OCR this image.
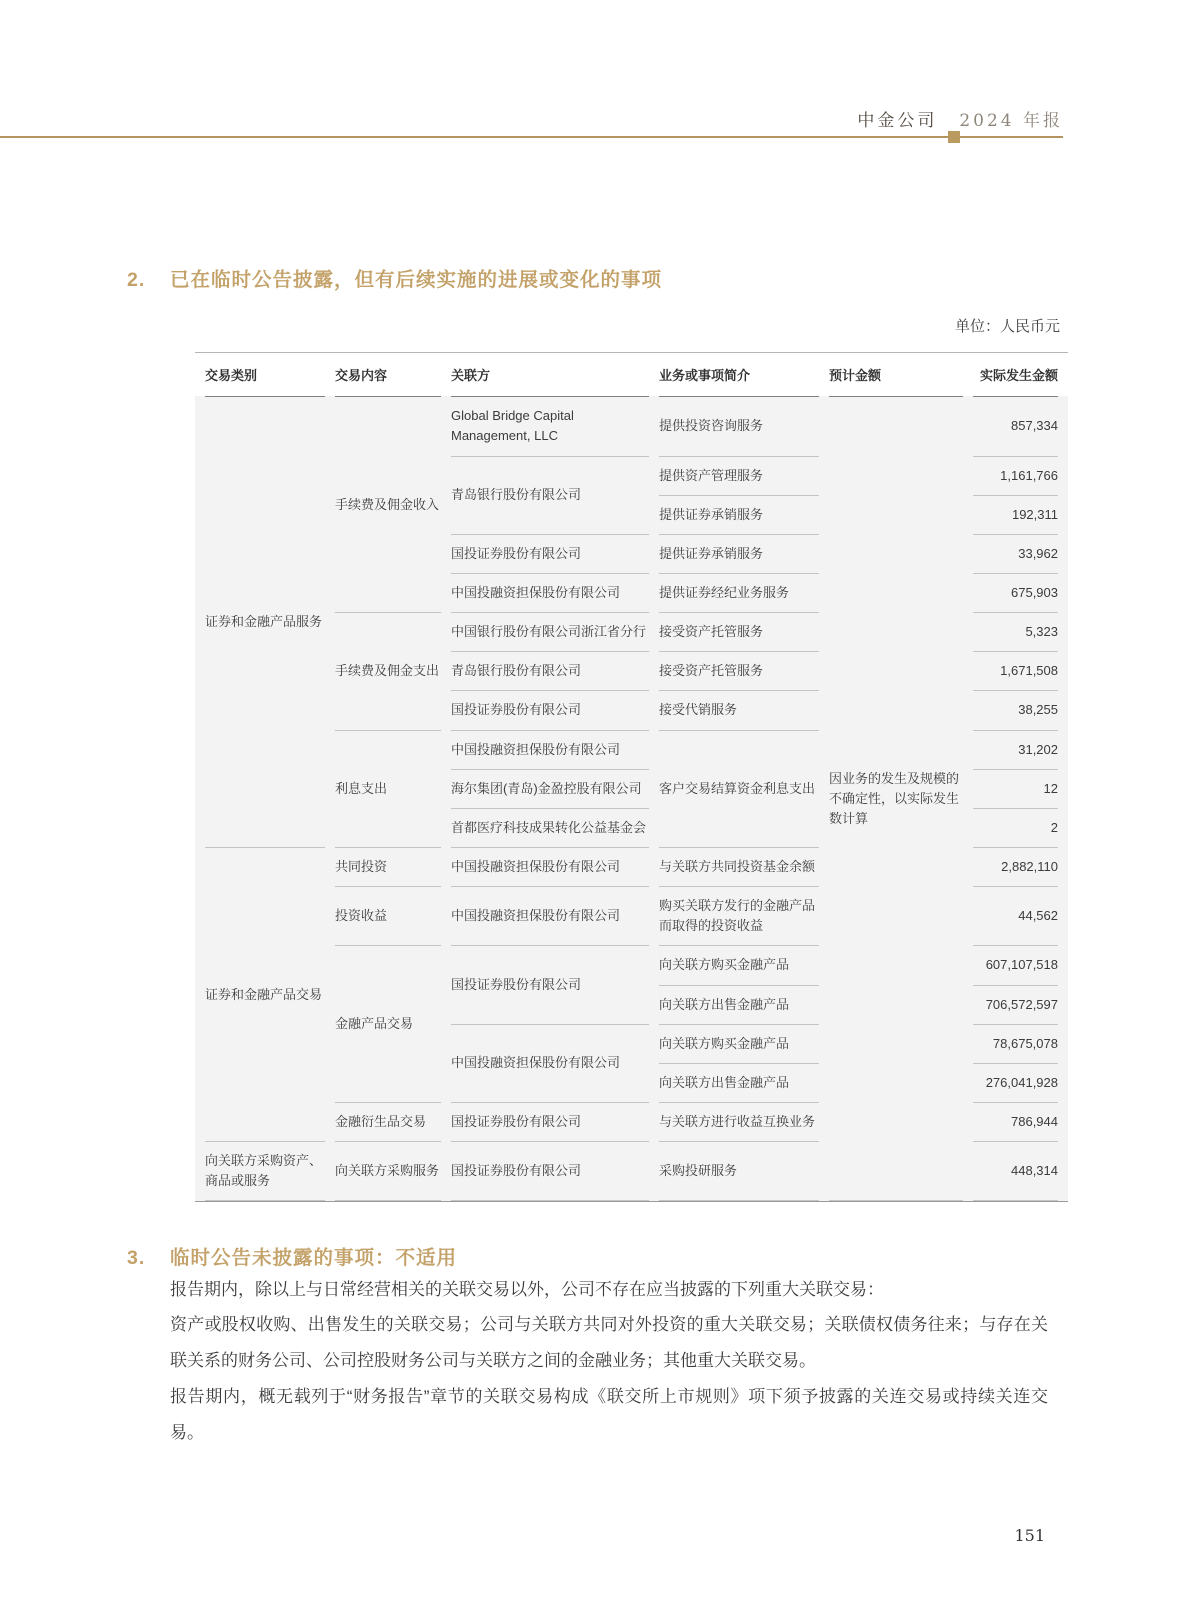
中金公司 2024 年报
2. 已在临时公告披露，但有后续实施的进展或变化的事项
单位：人民币元
交易类别	交易内容	关联方	业务或事项简介	预计金额	实际发生金额
证券和金融产品服务	手续费及佣金收入	Global Bridge Capital Management, LLC	提供投资咨询服务	因业务的发生及规模的不确定性，以实际发生数计算	857,334
		青岛银行股份有限公司	提供资产管理服务		1,161,766
			提供证券承销服务		192,311
		国投证券股份有限公司	提供证券承销服务		33,962
		中国投融资担保股份有限公司	提供证券经纪业务服务		675,903
	手续费及佣金支出	中国银行股份有限公司浙江省分行	接受资产托管服务		5,323
		青岛银行股份有限公司	接受资产托管服务		1,671,508
		国投证券股份有限公司	接受代销服务		38,255
	利息支出	中国投融资担保股份有限公司	客户交易结算资金利息支出		31,202
		海尔集团(青岛)金盈控股有限公司			12
		首都医疗科技成果转化公益基金会			2
证券和金融产品交易	共同投资	中国投融资担保股份有限公司	与关联方共同投资基金余额		2,882,110
	投资收益	中国投融资担保股份有限公司	购买关联方发行的金融产品而取得的投资收益		44,562
	金融产品交易	国投证券股份有限公司	向关联方购买金融产品		607,107,518
			向关联方出售金融产品		706,572,597
		中国投融资担保股份有限公司	向关联方购买金融产品		78,675,078
			向关联方出售金融产品		276,041,928
	金融衍生品交易	国投证券股份有限公司	与关联方进行收益互换业务		786,944
向关联方采购资产、商品或服务	向关联方采购服务	国投证券股份有限公司	采购投研服务		448,314
3. 临时公告未披露的事项：不适用

报告期内，除以上与日常经营相关的关联交易以外，公司不存在应当披露的下列重大关联交易：

资产或股权收购、出售发生的关联交易；公司与关联方共同对外投资的重大关联交易；关联债权债务往来；与存在关联关系的财务公司、公司控股财务公司与关联方之间的金融业务；其他重大关联交易。

报告期内，概无载列于“财务报告”章节的关联交易构成《联交所上市规则》项下须予披露的关连交易或持续关连交易。

151
